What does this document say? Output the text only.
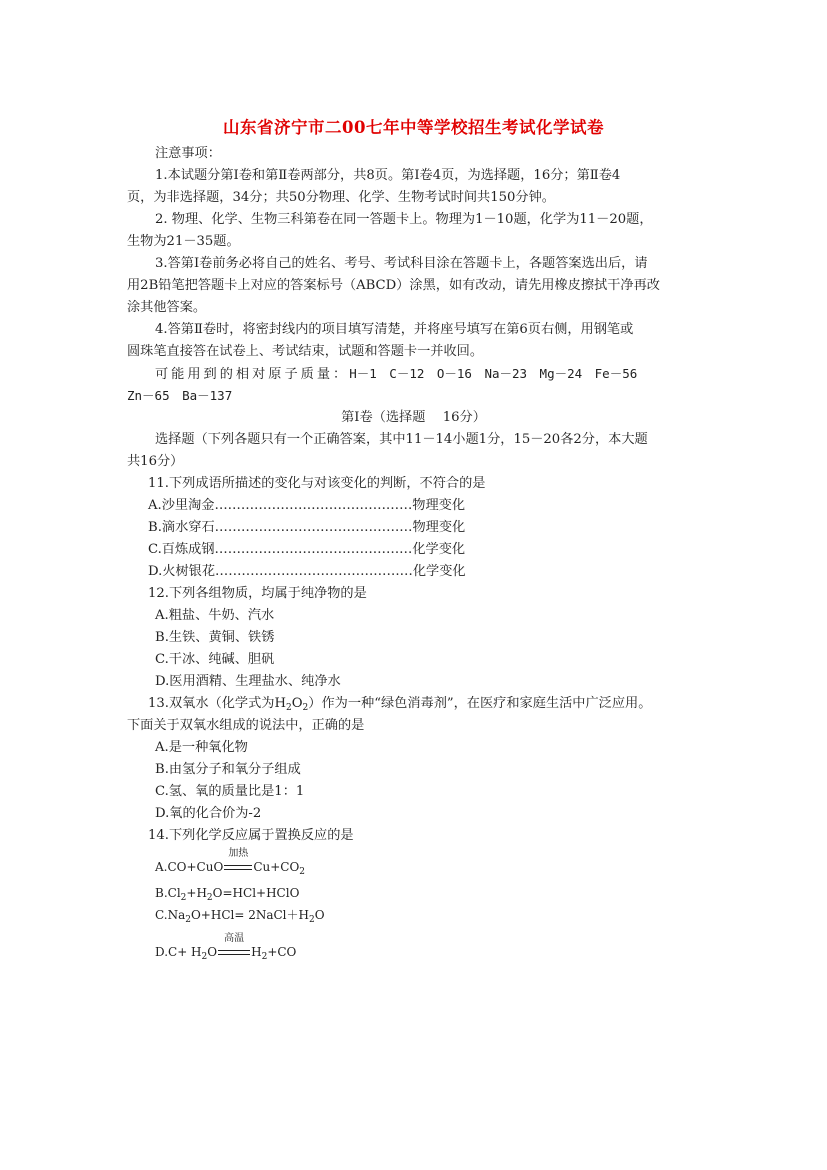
山东省济宁市二00七年中等学校招生考试化学试卷
注意事项：
1.本试题分第Ⅰ卷和第Ⅱ卷两部分，共8页。第Ⅰ卷4页，为选择题，16分；第Ⅱ卷4
页，为非选择题，34分；共50分物理、化学、生物考试时间共150分钟。
2. 物理、化学、生物三科第卷在同一答题卡上。物理为1－10题，化学为11－20题，
生物为21－35题。
3.答第Ⅰ卷前务必将自己的姓名、考号、考试科目涂在答题卡上，各题答案选出后，请
用2B铅笔把答题卡上对应的答案标号（ABCD）涂黑，如有改动，请先用橡皮擦拭干净再改
涂其他答案。
4.答第Ⅱ卷时，将密封线内的项目填写清楚，并将座号填写在第6页右侧，用钢笔或
圆珠笔直接答在试卷上、考试结束，试题和答题卡一并收回。
可能用到的相对原子质量：H－1　C－12　O－16　Na－23　Mg－24　Fe－56
Zn－65　Ba－137
第Ⅰ卷（选择题　 16分）
选择题（下列各题只有一个正确答案，其中11－14小题1分，15－20各2分，本大题
共16分）
11.下列成语所描述的变化与对该变化的判断，不符合的是
A.沙里淘金………………………………………物理变化
B.滴水穿石………………………………………物理变化
C.百炼成钢………………………………………化学变化
D.火树银花………………………………………化学变化
12.下列各组物质，均属于纯净物的是
A.粗盐、牛奶、汽水
B.生铁、黄铜、铁锈
C.干冰、纯碱、胆矾
D.医用酒精、生理盐水、纯净水
13.双氧水（化学式为$H_2O_2$）作为一种“绿色消毒剂”，在医疗和家庭生活中广泛应用。
下面关于双氧水组成的说法中，正确的是
A.是一种氧化物
B.由氢分子和氧分子组成
C.氢、氧的质量比是1：1
D.氧的化合价为-2
14.下列化学反应属于置换反应的是
A.CO+CuO
加热
$Cu+CO_2$
$B.Cl_2+H_2O=HCl+HClO$
$C.Na_2O+HCl=$ $2NaCl+H_2O$
$D.C+ H_2O$
高温
$H_2+CO$
